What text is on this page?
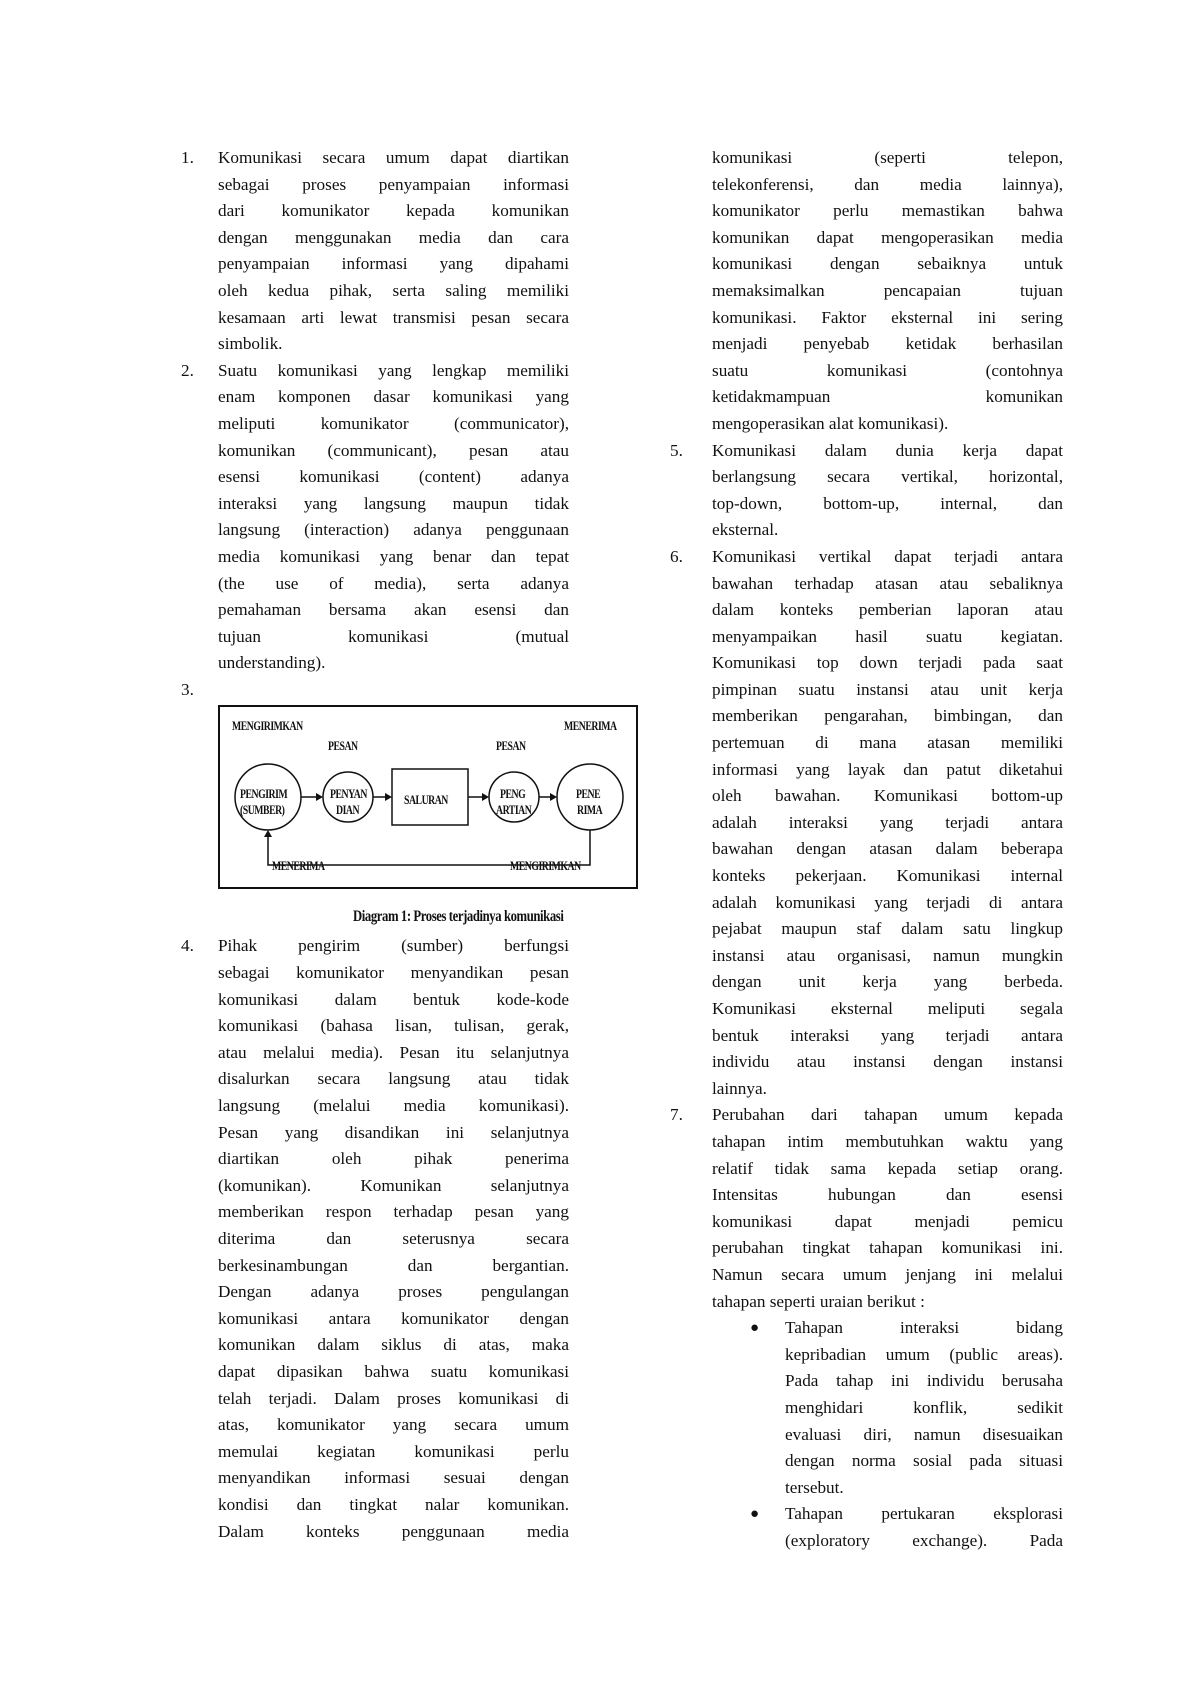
1. Komunikasi secara umum dapat diartikan
sebagai proses penyampaian informasi
dari komunikator kepada komunikan
dengan menggunakan media dan cara
penyampaian informasi yang dipahami
oleh kedua pihak, serta saling memiliki
kesamaan arti lewat transmisi pesan secara
simbolik.
2. Suatu komunikasi yang lengkap memiliki
enam komponen dasar komunikasi yang
meliputi komunikator (communicator),
komunikan (communicant), pesan atau
esensi komunikasi (content) adanya
interaksi yang langsung maupun tidak
langsung (interaction) adanya penggunaan
media komunikasi yang benar dan tepat
(the use of media), serta adanya
pemahaman bersama akan esensi dan
tujuan komunikasi (mutual
understanding).
3.
MENGIRIMKAN	MENERIMA
PESAN	PESAN
PENGIRIM
(SUMBER)
PENYAN
DIAN
SALURAN	PENG
ARTIAN
PENE
RIMA
MENERIMA	MENGIRIMKAN
Diagram 1: Proses terjadinya komunikasi
4. Pihak pengirim (sumber) berfungsi
sebagai komunikator menyandikan pesan
komunikasi dalam bentuk kode-kode
komunikasi (bahasa lisan, tulisan, gerak,
atau melalui media). Pesan itu selanjutnya
disalurkan secara langsung atau tidak
langsung (melalui media komunikasi).
Pesan yang disandikan ini selanjutnya
diartikan oleh pihak penerima
(komunikan). Komunikan selanjutnya
memberikan respon terhadap pesan yang
diterima dan seterusnya secara
berkesinambungan dan bergantian.
Dengan adanya proses pengulangan
komunikasi antara komunikator dengan
komunikan dalam siklus di atas, maka
dapat dipasikan bahwa suatu komunikasi
telah terjadi. Dalam proses komunikasi di
atas, komunikator yang secara umum
memulai kegiatan komunikasi perlu
menyandikan informasi sesuai dengan
kondisi dan tingkat nalar komunikan.
Dalam konteks penggunaan media
komunikasi (seperti telepon,
telekonferensi, dan media lainnya),
komunikator perlu memastikan bahwa
komunikan dapat mengoperasikan media
komunikasi dengan sebaiknya untuk
memaksimalkan pencapaian tujuan
komunikasi. Faktor eksternal ini sering
menjadi penyebab ketidak berhasilan
suatu komunikasi (contohnya
ketidakmampuan komunikan
mengoperasikan alat komunikasi).
5. Komunikasi dalam dunia kerja dapat
berlangsung secara vertikal, horizontal,
top-down, bottom-up, internal, dan
eksternal.
6. Komunikasi vertikal dapat terjadi antara
bawahan terhadap atasan atau sebaliknya
dalam konteks pemberian laporan atau
menyampaikan hasil suatu kegiatan.
Komunikasi top down terjadi pada saat
pimpinan suatu instansi atau unit kerja
memberikan pengarahan, bimbingan, dan
pertemuan di mana atasan memiliki
informasi yang layak dan patut diketahui
oleh bawahan. Komunikasi bottom-up
adalah interaksi yang terjadi antara
bawahan dengan atasan dalam beberapa
konteks pekerjaan. Komunikasi internal
adalah komunikasi yang terjadi di antara
pejabat maupun staf dalam satu lingkup
instansi atau organisasi, namun mungkin
dengan unit kerja yang berbeda.
Komunikasi eksternal meliputi segala
bentuk interaksi yang terjadi antara
individu atau instansi dengan instansi
lainnya.
7. Perubahan dari tahapan umum kepada
tahapan intim membutuhkan waktu yang
relatif tidak sama kepada setiap orang.
Intensitas hubungan dan esensi
komunikasi dapat menjadi pemicu
perubahan tingkat tahapan komunikasi ini.
Namun secara umum jenjang ini melalui
tahapan seperti uraian berikut :
● Tahapan interaksi bidang
kepribadian umum (public areas).
Pada tahap ini individu berusaha
menghidari konflik, sedikit
evaluasi diri, namun disesuaikan
dengan norma sosial pada situasi
tersebut.
● Tahapan pertukaran eksplorasi
(exploratory exchange). Pada
